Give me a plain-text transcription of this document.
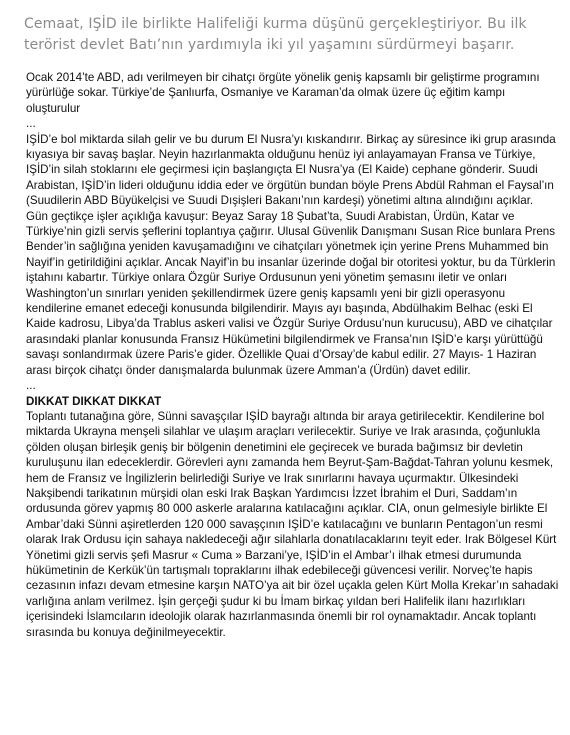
Cemaat, IŞİD ile birlikte Halifeliği kurma düşünü gerçekleştiriyor. Bu ilk terörist devlet Batı’nın yardımıyla iki yıl yaşamını sürdürmeyi başarır.

Ocak 2014’te ABD, adı verilmeyen bir cihatçı örgüte yönelik geniş kapsamlı bir geliştirme programını yürürlüğe sokar. Türkiye’de Şanlıurfa, Osmaniye ve Karaman’da olmak üzere üç eğitim kampı oluşturulur

...

IŞİD’e bol miktarda silah gelir ve bu durum El Nusra’yı kıskandırır. Birkaç ay süresince iki grup arasında kıyasıya bir savaş başlar. Neyin hazırlanmakta olduğunu henüz iyi anlayamayan Fransa ve Türkiye, IŞİD’in silah stoklarını ele geçirmesi için başlangıçta El Nusra’ya (El Kaide) cephane gönderir. Suudi Arabistan, IŞİD’in lideri olduğunu iddia eder ve örgütün bundan böyle Prens Abdül Rahman el Faysal’ın (Suudilerin ABD Büyükelçisi ve Suudi Dışişleri Bakanı’nın kardeşi) yönetimi altına alındığını açıklar.

Gün geçtikçe işler açıklığa kavuşur: Beyaz Saray 18 Şubat’ta, Suudi Arabistan, Ürdün, Katar ve Türkiye’nin gizli servis şeflerini toplantıya çağırır. Ulusal Güvenlik Danışmanı Susan Rice bunlara Prens Bender’in sağlığına yeniden kavuşamadığını ve cihatçıları yönetmek için yerine Prens Muhammed bin Nayif’in getirildiğini açıklar. Ancak Nayif’in bu insanlar üzerinde doğal bir otoritesi yoktur, bu da Türklerin iştahını kabartır. Türkiye onlara Özgür Suriye Ordusunun yeni yönetim şemasını iletir ve onları Washington’un sınırları yeniden şekillendirmek üzere geniş kapsamlı yeni bir gizli operasyonu kendilerine emanet edeceği konusunda bilgilendirir. Mayıs ayı başında, Abdülhakim Belhac (eski El Kaide kadrosu, Libya’da Trablus askeri valisi ve Özgür Suriye Ordusu’nun kurucusu), ABD ve cihatçılar arasındaki planlar konusunda Fransız Hükümetini bilgilendirmek ve Fransa’nın IŞİD’e karşı yürüttüğü savaşı sonlandırmak üzere Paris’e gider. Özellikle Quai d’Orsay’de kabul edilir. 27 Mayıs- 1 Haziran arası birçok cihatçı önder danışmalarda bulunmak üzere Amman’a (Ürdün) davet edilir.

...

DIKKAT DIKKAT DIKKAT

Toplantı tutanağına göre, Sünni savaşçılar IŞİD bayrağı altında bir araya getirilecektir. Kendilerine bol miktarda Ukrayna menşeli silahlar ve ulaşım araçları verilecektir. Suriye ve Irak arasında, çoğunlukla çölden oluşan birleşik geniş bir bölgenin denetimini ele geçirecek ve burada bağımsız bir devletin kuruluşunu ilan edeceklerdir. Görevleri aynı zamanda hem Beyrut-Şam-Bağdat-Tahran yolunu kesmek, hem de Fransız ve İngilizlerin belirlediği Suriye ve Irak sınırlarını havaya uçurmaktır. Ülkesindeki Nakşibendi tarikatının mürşidi olan eski Irak Başkan Yardımcısı İzzet İbrahim el Duri, Saddam’ın ordusunda görev yapmış 80 000 askerle aralarına katılacağını açıklar. CIA, onun gelmesiyle birlikte El Ambar’daki Sünni aşiretlerden 120 000 savaşçının IŞİD’e katılacağını ve bunların Pentagon’un resmi olarak Irak Ordusu için sahaya nakledeceği ağır silahlarla donatılacaklarını teyit eder. Irak Bölgesel Kürt Yönetimi gizli servis şefi Masrur « Cuma » Barzani’ye, IŞİD’in el Ambar’ı ilhak etmesi durumunda hükümetinin de Kerkük’ün tartışmalı topraklarını ilhak edebileceği güvencesi verilir. Norveç’te hapis cezasının infazı devam etmesine karşın NATO’ya ait bir özel uçakla gelen Kürt Molla Krekar’ın sahadaki varlığına anlam verilmez. İşin gerçeği şudur ki bu İmam birkaç yıldan beri Halifelik ilanı hazırlıkları içerisindeki İslamcıların ideolojik olarak hazırlanmasında önemli bir rol oynamaktadır. Ancak toplantı sırasında bu konuya değinilmeyecektir.
